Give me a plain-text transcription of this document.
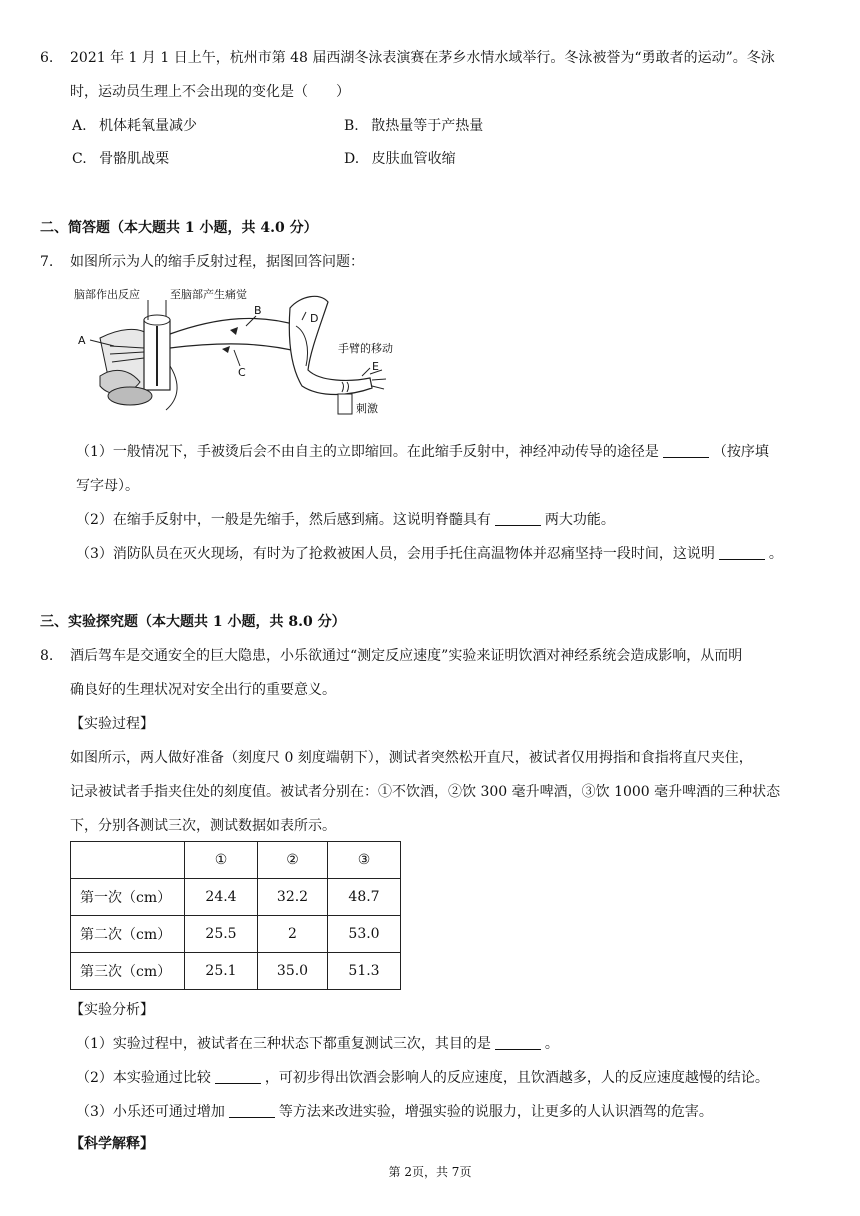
6. 2021 年 1 月 1 日上午，杭州市第 48 届西湖冬泳表演赛在茅乡水情水域举行。冬泳被誉为“勇敢者的运动”。冬泳
时，运动员生理上不会出现的变化是（　　）
A. 机体耗氧量减少	B. 散热量等于产热量
C. 骨骼肌战栗	D. 皮肤血管收缩
二、简答题（本大题共 1 小题，共 4.0 分）
7. 如图所示为人的缩手反射过程，据图回答问题：
脑部作出反应	至脑部产生痛觉
A
B
C
D
手臂的移动
E
刺激
（1）一般情况下，手被烫后会不由自主的立即缩回。在此缩手反射中，神经冲动传导的途径是	（按序填
写字母）。
（2）在缩手反射中，一般是先缩手，然后感到痛。这说明脊髓具有	两大功能。
（3）消防队员在灭火现场，有时为了抢救被困人员，会用手托住高温物体并忍痛坚持一段时间，这说明	。
三、实验探究题（本大题共 1 小题，共 8.0 分）
8. 酒后驾车是交通安全的巨大隐患，小乐欲通过“测定反应速度”实验来证明饮酒对神经系统会造成影响，从而明
确良好的生理状况对安全出行的重要意义。
【实验过程】
如图所示，两人做好准备（刻度尺 0 刻度端朝下），测试者突然松开直尺，被试者仅用拇指和食指将直尺夹住，
记录被试者手指夹住处的刻度值。被试者分别在：①不饮酒，②饮 300 毫升啤酒，③饮 1000 毫升啤酒的三种状态
下，分别各测试三次，测试数据如表所示。
	①	②	③
第一次（cm）	24.4	32.2	48.7
第二次（cm）	25.5	2	53.0
第三次（cm）	25.1	35.0	51.3
【实验分析】
（1）实验过程中，被试者在三种状态下都重复测试三次，其目的是	。
（2）本实验通过比较	，可初步得出饮酒会影响人的反应速度，且饮酒越多，人的反应速度越慢的结论。
（3）小乐还可通过增加	等方法来改进实验，增强实验的说服力，让更多的人认识酒驾的危害。
【科学解释】
第 2页，共 7页
